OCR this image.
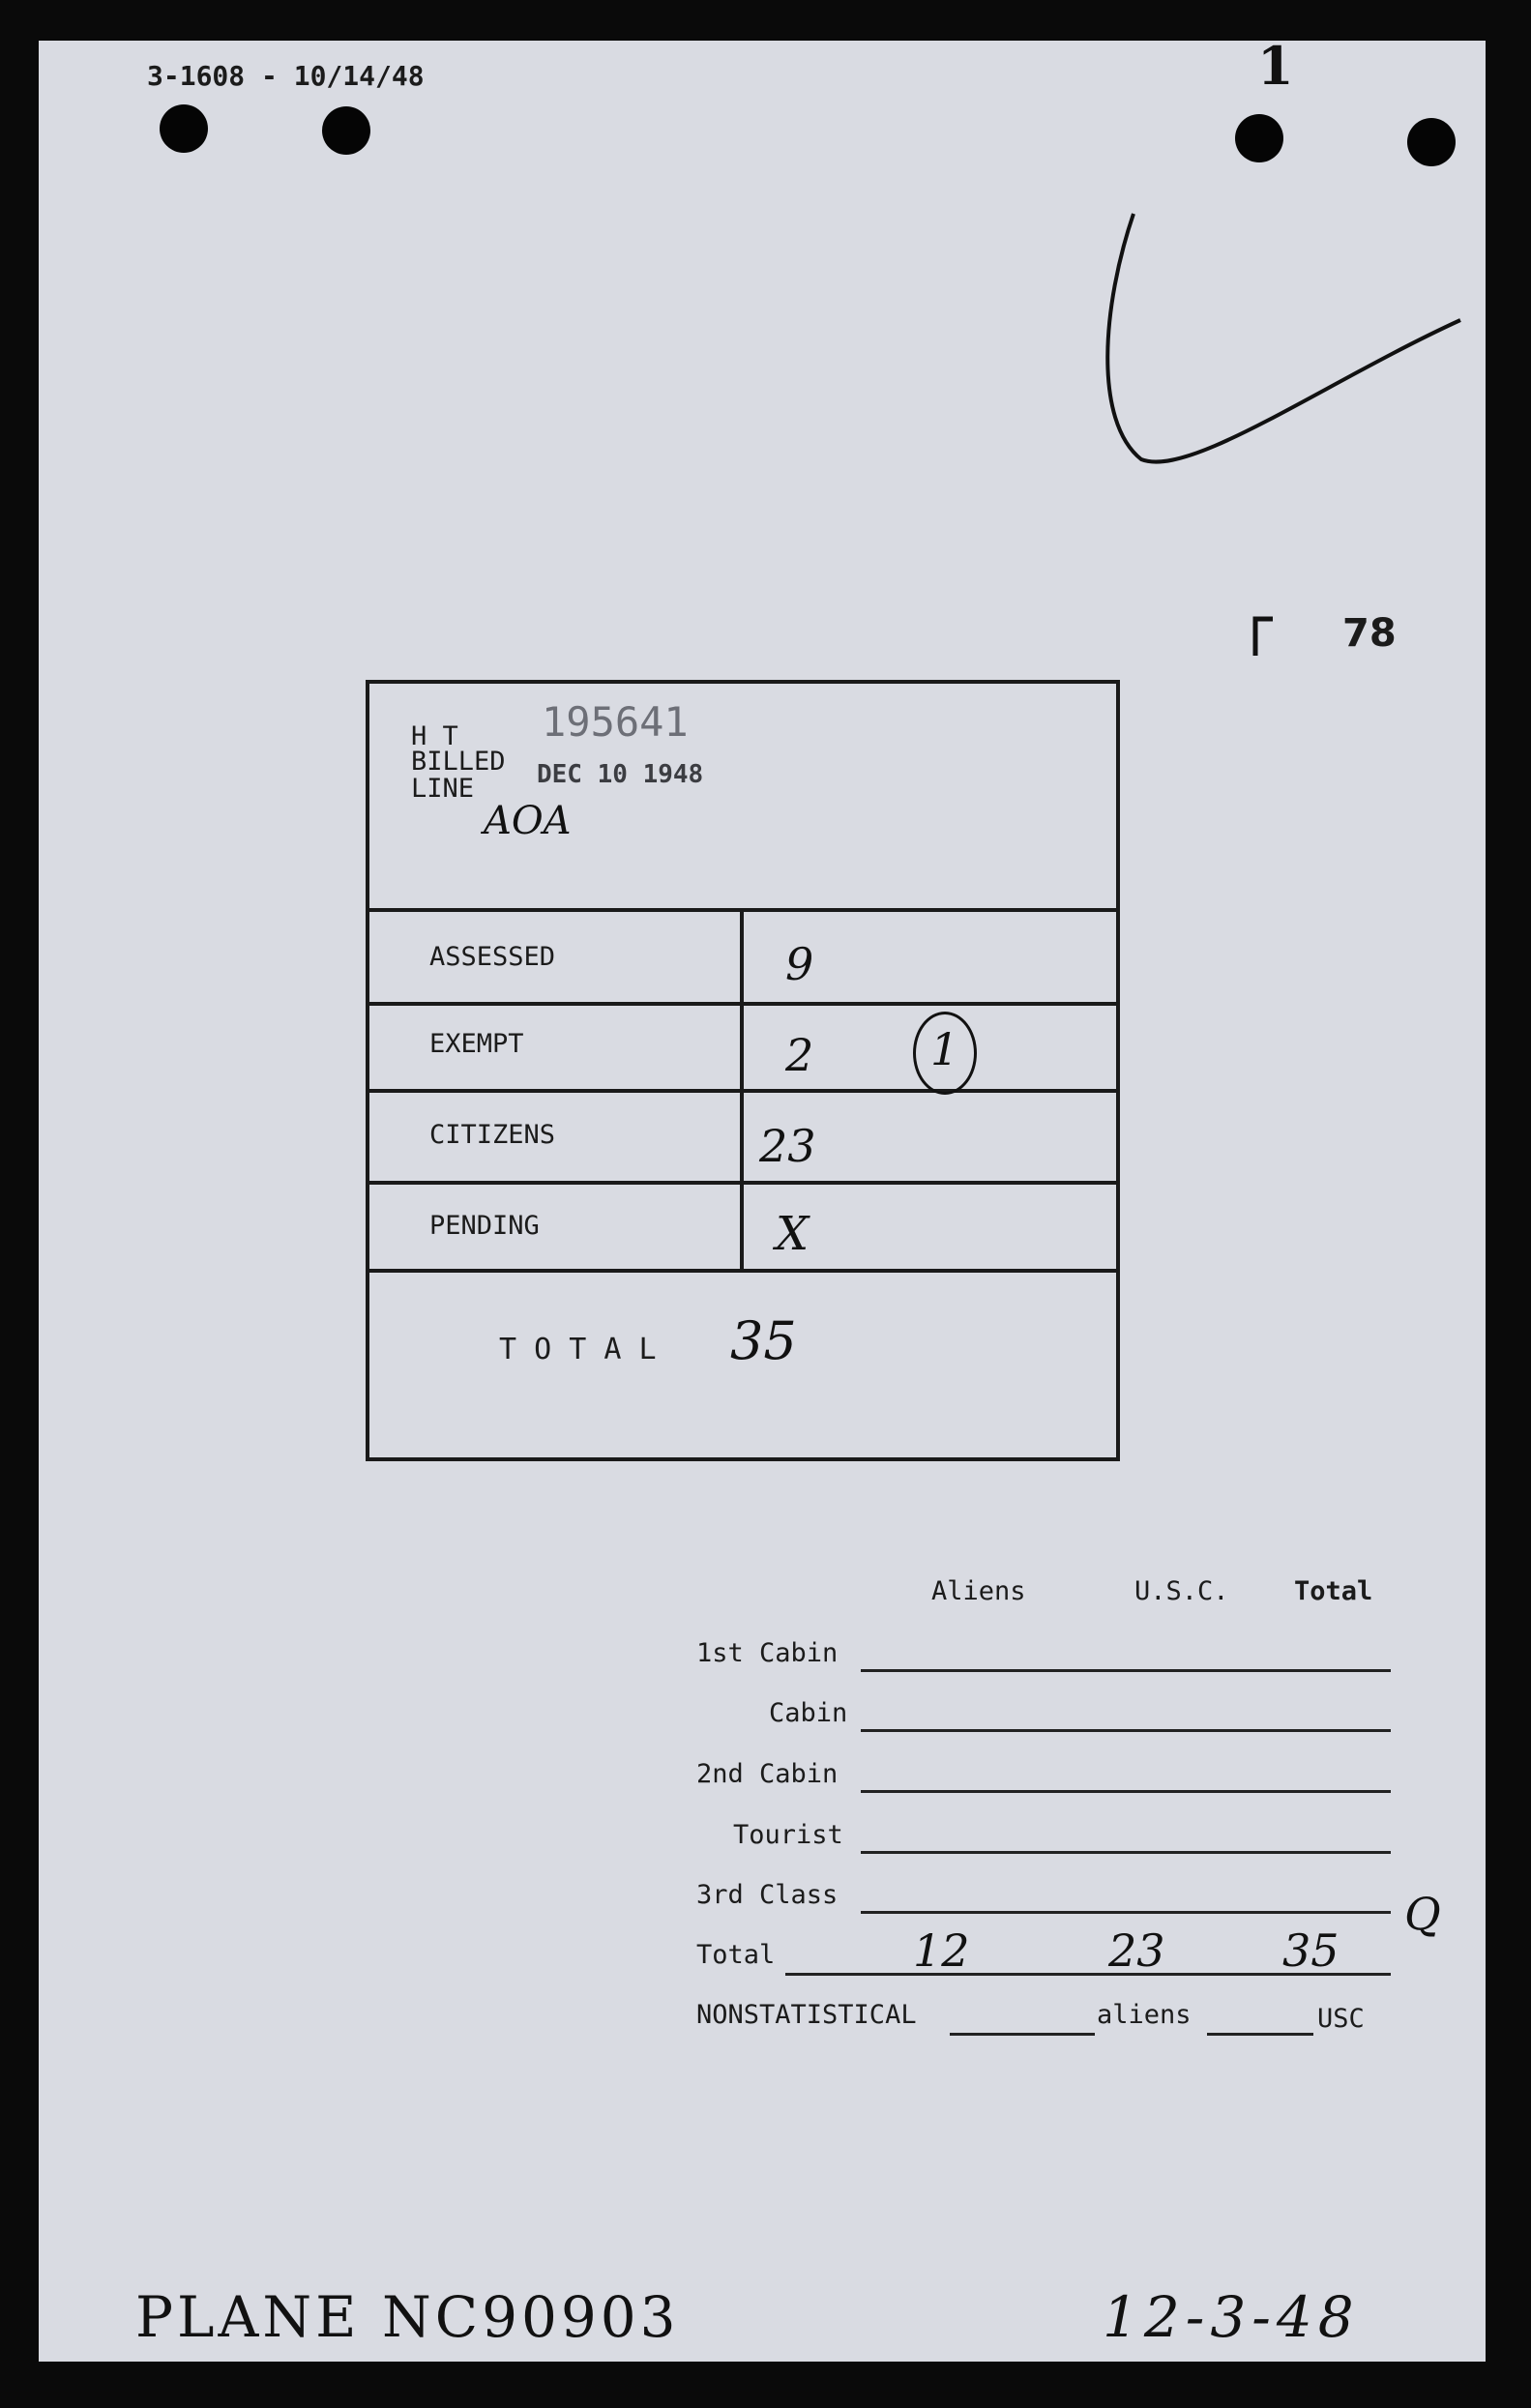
3-1608 - 10/14/48	1
78
H T
BILLED
LINE
195641
DEC 10 1948
AOA
ASSESSED	9
EXEMPT	2	1
CITIZENS	23
PENDING	X
T O T A L 35
Aliens	U.S.C. Total
1st Cabin
Cabin
2nd Cabin
Tourist
3rd Class
Total	12	23	35
Q
NONSTATISTICAL	aliens	USC
PLANE NC90903	12-3-48
